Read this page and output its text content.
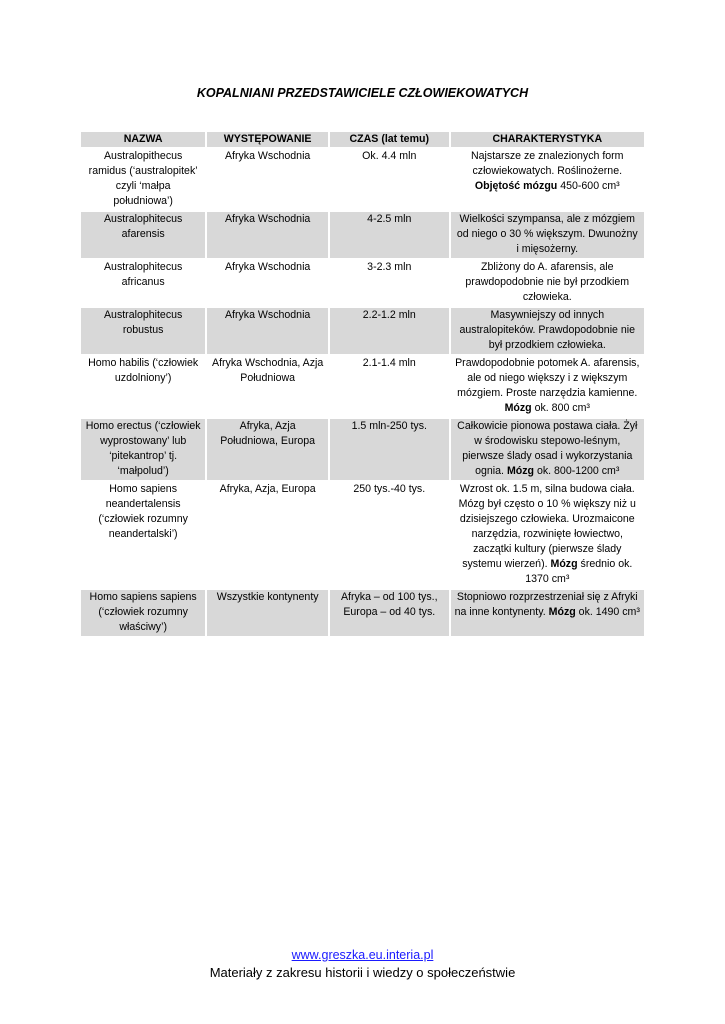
KOPALNIANI PRZEDSTAWICIELE CZŁOWIEKOWATYCH
NAZWA	WYSTĘPOWANIE	CZAS (lat temu)	CHARAKTERYSTYKA
Australopithecus ramidus (‘australopitek’ czyli ‘małpa południowa’)	Afryka Wschodnia	Ok. 4.4 mln	Najstarsze ze znalezionych form człowiekowatych. Roślinożerne. Objętość mózgu 450-600 cm³
Australophitecus afarensis	Afryka Wschodnia	4-2.5 mln	Wielkości szympansa, ale z mózgiem od niego o 30 % większym. Dwunożny i mięsożerny.
Australophitecus africanus	Afryka Wschodnia	3-2.3 mln	Zbliżony do A. afarensis, ale prawdopodobnie nie był przodkiem człowieka.
Australophitecus robustus	Afryka Wschodnia	2.2-1.2 mln	Masywniejszy od innych australopiteków. Prawdopodobnie nie był przodkiem człowieka.
Homo habilis (‘człowiek uzdolniony’)	Afryka Wschodnia, Azja Południowa	2.1-1.4 mln	Prawdopodobnie potomek A. afarensis, ale od niego większy i z większym mózgiem. Proste narzędzia kamienne. Mózg ok. 800 cm³
Homo erectus (‘człowiek wyprostowany’ lub ‘pitekantrop’ tj. ‘małpolud’)	Afryka, Azja Południowa, Europa	1.5 mln-250 tys.	Całkowicie pionowa postawa ciała. Żył w środowisku stepowo-leśnym, pierwsze ślady osad i wykorzystania ognia. Mózg ok. 800-1200 cm³
Homo sapiens neandertalensis (‘człowiek rozumny neandertalski’)	Afryka, Azja, Europa	250 tys.-40 tys.	Wzrost ok. 1.5 m, silna budowa ciała. Mózg był często o 10 % większy niż u dzisiejszego człowieka. Urozmaicone narzędzia, rozwinięte łowiectwo, zaczątki kultury (pierwsze ślady systemu wierzeń). Mózg średnio ok. 1370 cm³
Homo sapiens sapiens (‘człowiek rozumny właściwy’)	Wszystkie kontynenty	Afryka – od 100 tys., Europa – od 40 tys.	Stopniowo rozprzestrzeniał się z Afryki na inne kontynenty. Mózg ok. 1490 cm³
www.greszka.eu.interia.pl
Materiały z zakresu historii i wiedzy o społeczeństwie
